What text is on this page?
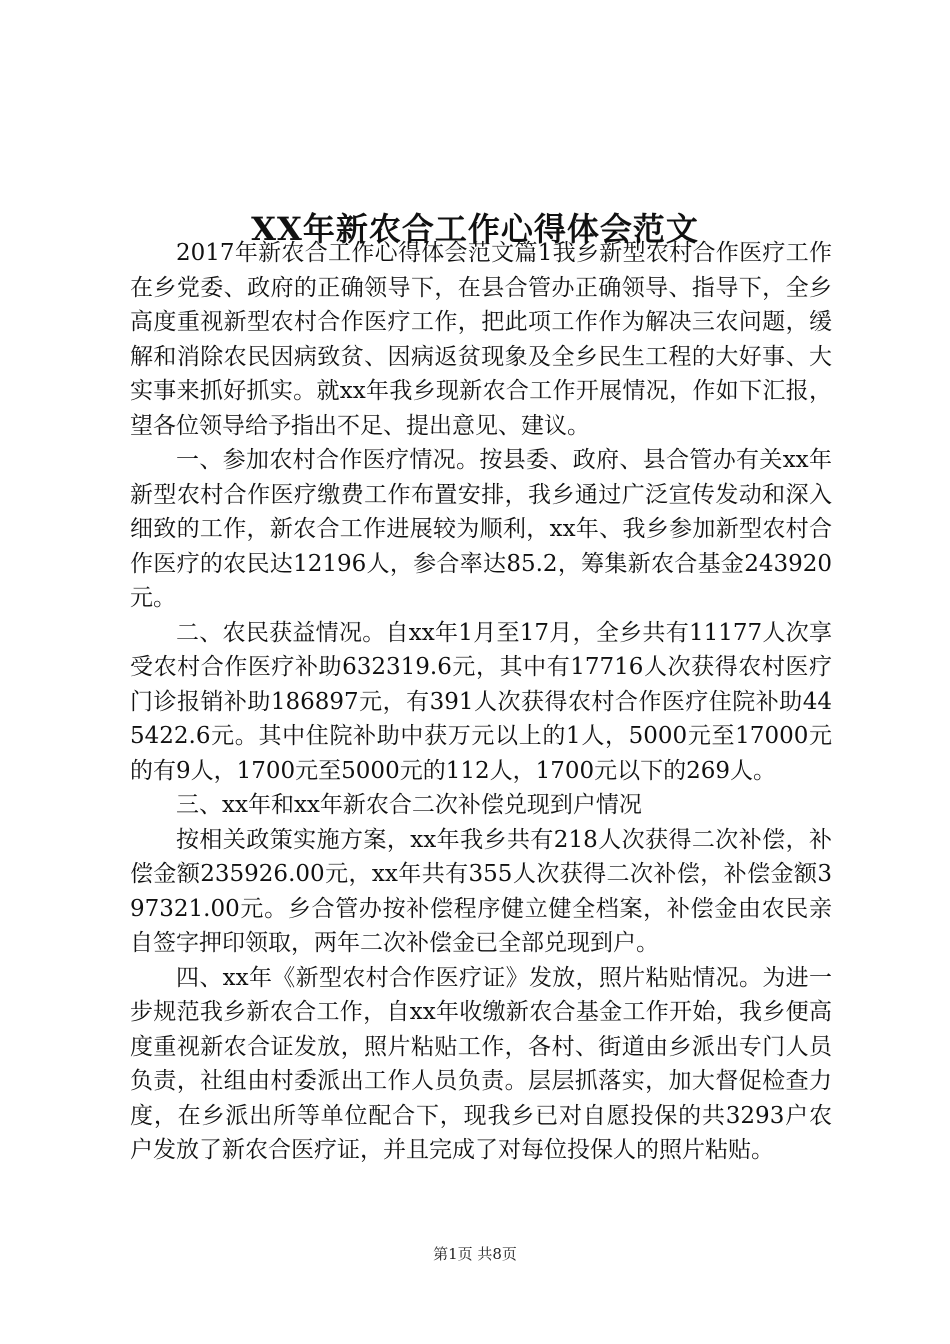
XX年新农合工作心得体会范文

2017年新农合工作心得体会范文篇1我乡新型农村合作医疗工作在乡党委、政府的正确领导下，在县合管办正确领导、指导下，全乡高度重视新型农村合作医疗工作，把此项工作作为解决三农问题，缓解和消除农民因病致贫、因病返贫现象及全乡民生工程的大好事、大实事来抓好抓实。就xx年我乡现新农合工作开展情况，作如下汇报，望各位领导给予指出不足、提出意见、建议。

一、参加农村合作医疗情况。按县委、政府、县合管办有关xx年新型农村合作医疗缴费工作布置安排，我乡通过广泛宣传发动和深入细致的工作，新农合工作进展较为顺利，xx年、我乡参加新型农村合作医疗的农民达12196人，参合率达85.2，筹集新农合基金243920元。

二、农民获益情况。自xx年1月至17月，全乡共有11177人次享受农村合作医疗补助632319.6元，其中有17716人次获得农村医疗门诊报销补助186897元，有391人次获得农村合作医疗住院补助445422.6元。其中住院补助中获万元以上的1人，5000元至17000元的有9人，1700元至5000元的112人，1700元以下的269人。

三、xx年和xx年新农合二次补偿兑现到户情况

按相关政策实施方案，xx年我乡共有218人次获得二次补偿，补偿金额235926.00元，xx年共有355人次获得二次补偿，补偿金额397321.00元。乡合管办按补偿程序健立健全档案，补偿金由农民亲自签字押印领取，两年二次补偿金已全部兑现到户。

四、xx年《新型农村合作医疗证》发放，照片粘贴情况。为进一步规范我乡新农合工作，自xx年收缴新农合基金工作开始，我乡便高度重视新农合证发放，照片粘贴工作，各村、街道由乡派出专门人员负责，社组由村委派出工作人员负责。层层抓落实，加大督促检查力度，在乡派出所等单位配合下，现我乡已对自愿投保的共3293户农户发放了新农合医疗证，并且完成了对每位投保人的照片粘贴。

第1页 共8页
